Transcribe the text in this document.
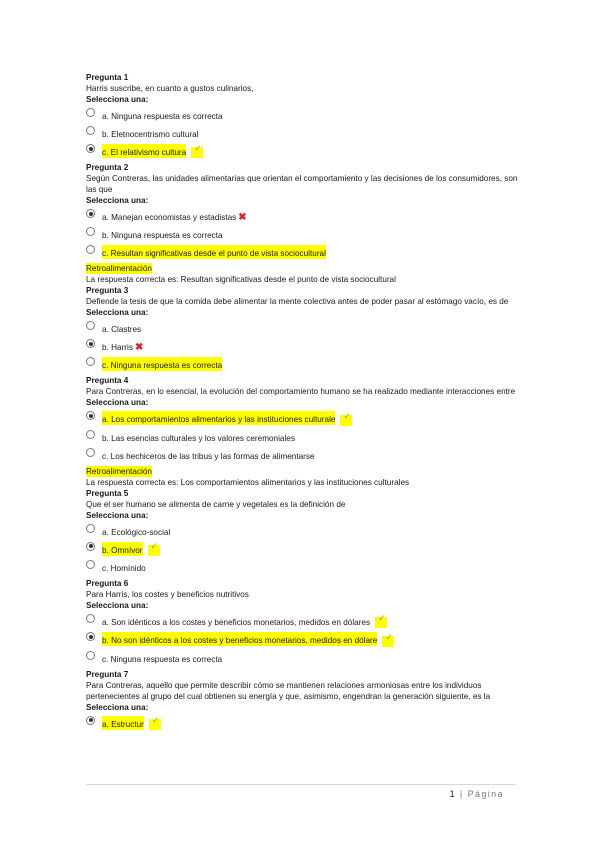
Pregunta 1
Harris suscribe, en cuanto a gustos culinarios,
Selecciona una:
a. Ninguna respuesta es correcta
b. Eletnocentrismo cultural
c. El relativismo cultura✓
Pregunta 2
Según Contreras, las unidades alimentarias que orientan el comportamiento y las decisiones de los consumidores, son las que
Selecciona una:
a. Manejan economistas y estadistas ✖
b. Ninguna respuesta es correcta
c. Resultan significativas desde el punto de vista sociocultural
Retroalimentación
La respuesta correcta es: Resultan significativas desde el punto de vista sociocultural
Pregunta 3
Defiende la tesis de que la comida debe alimentar la mente colectiva antes de poder pasar al estómago vacío, es de
Selecciona una:
a. Clastres
b. Harris ✖
c. Ninguna respuesta es correcta
Pregunta 4
Para Contreras, en lo esencial, la evolución del comportamiento humano se ha realizado mediante interacciones entre
Selecciona una:
a. Los comportamientos alimentarios y las instituciones culturale✓
b. Las esencias culturales y los valores ceremoniales
c. Los hechiceros de las tribus y las formas de alimentarse
Retroalimentación
La respuesta correcta es: Los comportamientos alimentarios y las instituciones culturales
Pregunta 5
Que el ser humano se alimenta de carne y vegetales es la definición de
Selecciona una:
a. Ecológico-social
b. Omnívor✓
c. Homínido
Pregunta 6
Para Harris, los costes y beneficios nutritivos
Selecciona una:
a. Son idénticos a los costes y beneficios monetarios, medidos en dólares✓
b. No son idénticos a los costes y beneficios monetarios, medidos en dólare✓
c. Ninguna respuesta es correcta
Pregunta 7
Para Contreras, aquello que permite describir cómo se mantienen relaciones armoniosas entre los individuos pertenecientes al grupo del cual obtienen su energía y que, asimismo, engendran la generación siguiente, es la
Selecciona una:
a. Estructur✓
1 | Página
